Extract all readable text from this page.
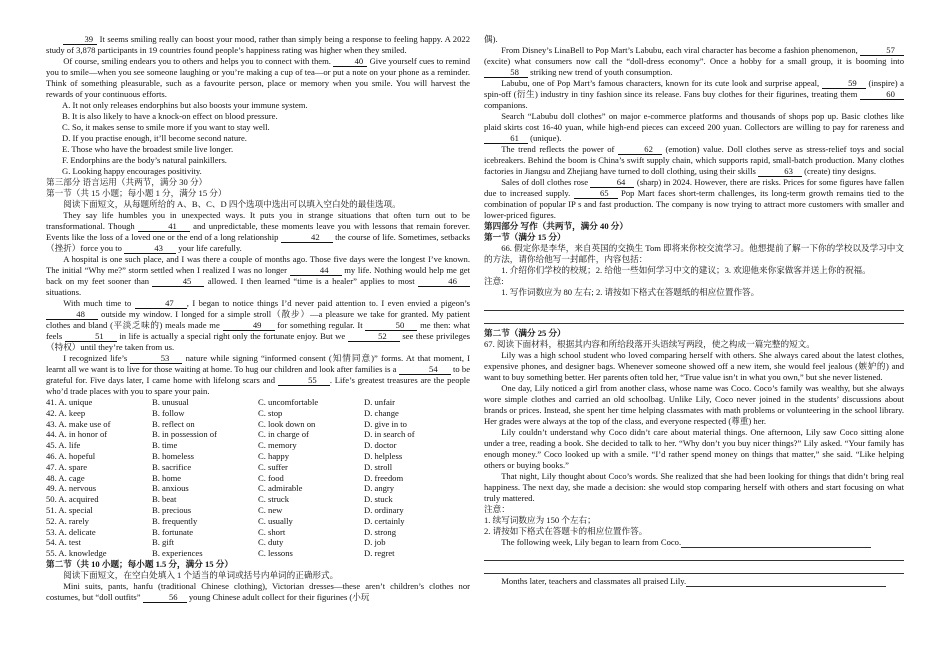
39 It seems smiling really can boost your mood, rather than simply being a response to feeling happy. A 2022 study of 3,878 participants in 19 countries found people’s happiness rating was higher when they smiled.

Of course, smiling endears you to others and helps you to connect with them. 40 Give yourself cues to remind you to smile—when you see someone laughing or you’re making a cup of tea—or put a note on your phone as a reminder. Think of something pleasurable, such as a favourite person, place or memory when you smile. You will harvest the rewards of your continuous efforts.

A. It not only releases endorphins but also boosts your immune system.

B. It is also likely to have a knock-on effect on blood pressure.

C. So, it makes sense to smile more if you want to stay well.

D. If you practise enough, it’ll become second nature.

E. Those who have the broadest smile live longer.

F. Endorphins are the body’s natural painkillers.

G. Looking happy encourages positivity.

第三部分 语言运用（共两节，满分 30 分）

第一节（共 15 小题；每小题 1 分，满分 15 分）

阅读下面短文，从每题所给的 A、B、C、D 四个选项中选出可以填入空白处的最佳选项。

They say life humbles you in unexpected ways. It puts you in strange situations that often turn out to be transformational. Though	41 and unpredictable, these moments leave you with lessons that remain forever. Events like the loss of a loved one or the end of a long relationship	42 the course of life. Sometimes, setbacks（挫折）force you to	43 your life carefully.

A hospital is one such place, and I was there a couple of months ago. Those five days were the longest I’ve known. The initial “Why me?” storm settled when I realized I was no longer	44 my life. Nothing would help me get back on my feet sooner than	45 allowed. I then learned “time is a healer” applies to most	46 situations.

With much time to	47 , I began to notice things I’d never paid attention to. I even envied a pigeon’s 48 outside my window. I longed for a simple stroll（散步）—a pleasure we take for granted. My patient clothes and bland (平淡乏味的) meals made me	49 for something regular. It	50 me then: what feels	51 in life is actually a special right only the fortunate enjoy. But we	52 see these privileges（特权）until they’re taken from us.

I recognized life’s	53 nature while signing “informed consent (知情同意)” forms. At that moment, I learnt all we want is to live for those waiting at home. To hug our children and look after families is a	54 to be grateful for. Five days later, I came home with lifelong scars and	55 . Life’s greatest treasures are the people who’d trade places with you to spare your pain.

41. A. unique	B. unusual	C. uncomfortable	D. unfair
42. A. keep	B. follow	C. stop	D. change
43. A. make use of	B. reflect on	C. look down on	D. give in to
44. A. in honor of	B. in possession of	C. in charge of	D. in search of
45. A. life	B. time	C. memory	D. doctor
46. A. hopeful	B. homeless	C. happy	D. helpless
47. A. spare	B. sacrifice	C. suffer	D. stroll
48. A. cage	B. home	C. food	D. freedom
49. A. nervous	B. anxious	C. admirable	D. angry
50. A. acquired	B. beat	C. struck	D. stuck
51. A. special	B. precious	C. new	D. ordinary
52. A. rarely	B. frequently	C. usually	D. certainly
53. A. delicate	B. fortunate	C. short	D. strong
54. A. test	B. gift	C. duty	D. job
55. A. knowledge	B. experiences	C. lessons	D. regret

第二节（共 10 小题；每小题 1.5 分，满分 15 分）

阅读下面短文，在空白处填入 1 个适当的单词或括号内单词的正确形式。

Mini suits, pants, hanfu (traditional Chinese clothing), Victorian dresses—these aren’t children’s clothes nor costumes, but “doll outfits”	56 young Chinese adult collect for their figurines (小玩

偶).

From Disney’s LinaBell to Pop Mart’s Labubu, each viral character has become a fashion phenomenon,	57 (excite) what consumers now call the “doll-dress economy”. Once a hobby for a small group, it is booming into 58 striking new trend of youth consumption.

Labubu, one of Pop Mart’s famous characters, known for its cute look and surprise appeal,	59 (inspire) a spin-off (衍生) industry in tiny fashion since its release. Fans buy clothes for their figurines, treating them	60 companions.

Search “Labubu doll clothes” on major e-commerce platforms and thousands of shops pop up. Basic clothes like plaid skirts cost 16-40 yuan, while high-end pieces can exceed 200 yuan. Collectors are willing to pay for rareness and 61 (unique).

The trend reflects the power of	62 (emotion) value. Doll clothes serve as stress-relief toys and social icebreakers. Behind the boom is China’s swift supply chain, which supports rapid, small-batch production. Many clothes factories in Jiangsu and Zhejiang have turned to doll clothing, using their skills	63 (create) tiny designs.

Sales of doll clothes rose	64 (sharp) in 2024. However, there are risks. Prices for some figures have fallen due to increased supply.	65 Pop Mart faces short-term challenges, its long-term growth remains tied to the combination of popular IP s and fast production. The company is now trying to attract more customers with smaller and lower-priced figures.

第四部分 写作（共两节，满分 40 分）

第一节（满分 15 分）

66. 假定你是李华，来自英国的交换生 Tom 即将来你校交流学习。他想提前了解一下你的学校以及学习中文的方法，请你给他写一封邮件，内容包括：

1. 介绍你们学校的校规；2. 给他一些如何学习中文的建议；3. 欢迎他来你家做客并送上你的祝福。

注意:

1. 写作词数应为 80 左右; 2. 请按如下格式在答题纸的相应位置作答。

第二节（满分 25 分）

67. 阅读下面材料，根据其内容和所给段落开头语续写两段，使之构成一篇完整的短文。

Lily was a high school student who loved comparing herself with others. She always cared about the latest clothes, expensive phones, and designer bags. Whenever someone showed off a new item, she would feel jealous (嫉妒的) and want to buy something better. Her parents often told her, “True value isn’t in what you own,” but she never listened.

One day, Lily noticed a girl from another class, whose name was Coco. Coco’s family was wealthy, but she always wore simple clothes and carried an old schoolbag. Unlike Lily, Coco never joined in the students’ discussions about brands or prices. Instead, she spent her time helping classmates with math problems or volunteering in the school library. Her grades were always at the top of the class, and everyone respected (尊重) her.

Lily couldn’t understand why Coco didn’t care about material things. One afternoon, Lily saw Coco sitting alone under a tree, reading a book. She decided to talk to her. “Why don’t you buy nicer things?” Lily asked. “Your family has enough money.” Coco looked up with a smile. “I’d rather spend money on things that matter,” she said. “Like helping others or buying books.”

That night, Lily thought about Coco’s words. She realized that she had been looking for things that didn’t bring real happiness. The next day, she made a decision: she would stop comparing herself with others and start focusing on what truly mattered.

注意：

1. 续写词数应为 150 个左右；

2. 请按如下格式在答题卡的相应位置作答。

The following week, Lily began to learn from Coco.

Months later, teachers and classmates all praised Lily.
